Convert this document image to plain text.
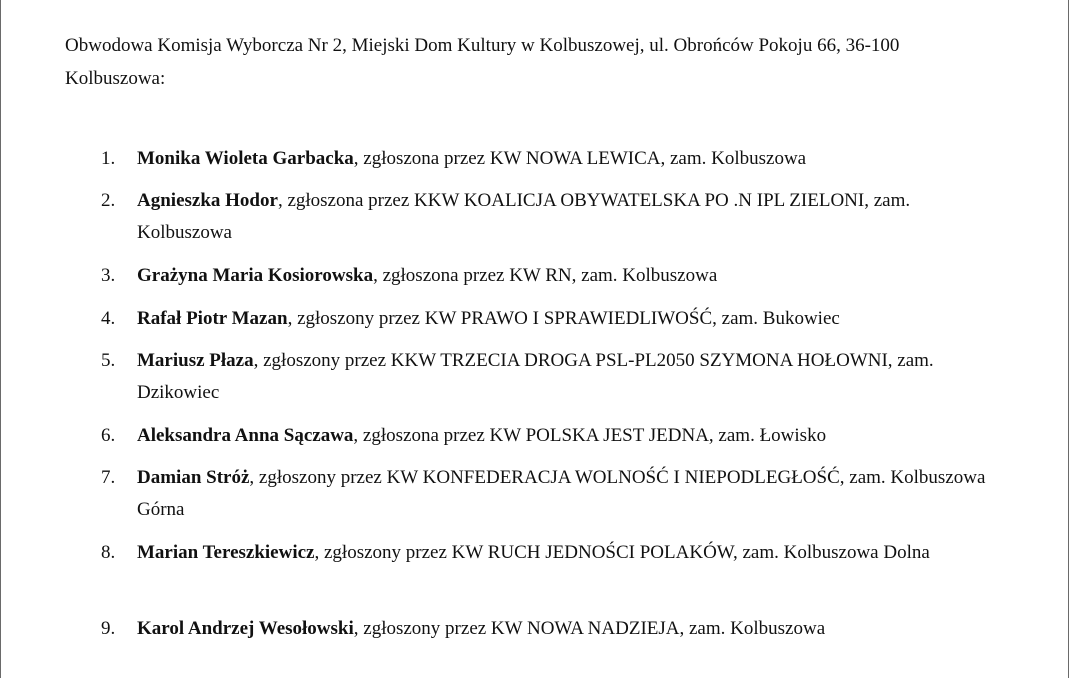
Obwodowa Komisja Wyborcza Nr 2, Miejski Dom Kultury w Kolbuszowej, ul. Obrońców Pokoju 66, 36-100 Kolbuszowa:

1.	Monika Wioleta Garbacka, zgłoszona przez KW NOWA LEWICA, zam. Kolbuszowa
2.	Agnieszka Hodor, zgłoszona przez KKW KOALICJA OBYWATELSKA PO .N IPL ZIELONI, zam. Kolbuszowa
3.	Grażyna Maria Kosiorowska, zgłoszona przez KW RN, zam. Kolbuszowa
4.	Rafał Piotr Mazan, zgłoszony przez KW PRAWO I SPRAWIEDLIWOŚĆ, zam. Bukowiec
5.	Mariusz Płaza, zgłoszony przez KKW TRZECIA DROGA PSL-PL2050 SZYMONA HOŁOWNI, zam. Dzikowiec
6.	Aleksandra Anna Sączawa, zgłoszona przez KW POLSKA JEST JEDNA, zam. Łowisko
7.	Damian Stróż, zgłoszony przez KW KONFEDERACJA WOLNOŚĆ I NIEPODLEGŁOŚĆ, zam. Kolbuszowa Górna
8.	Marian Tereszkiewicz, zgłoszony przez KW RUCH JEDNOŚCI POLAKÓW, zam. Kolbuszowa Dolna
9.	Karol Andrzej Wesołowski, zgłoszony przez KW NOWA NADZIEJA, zam. Kolbuszowa
